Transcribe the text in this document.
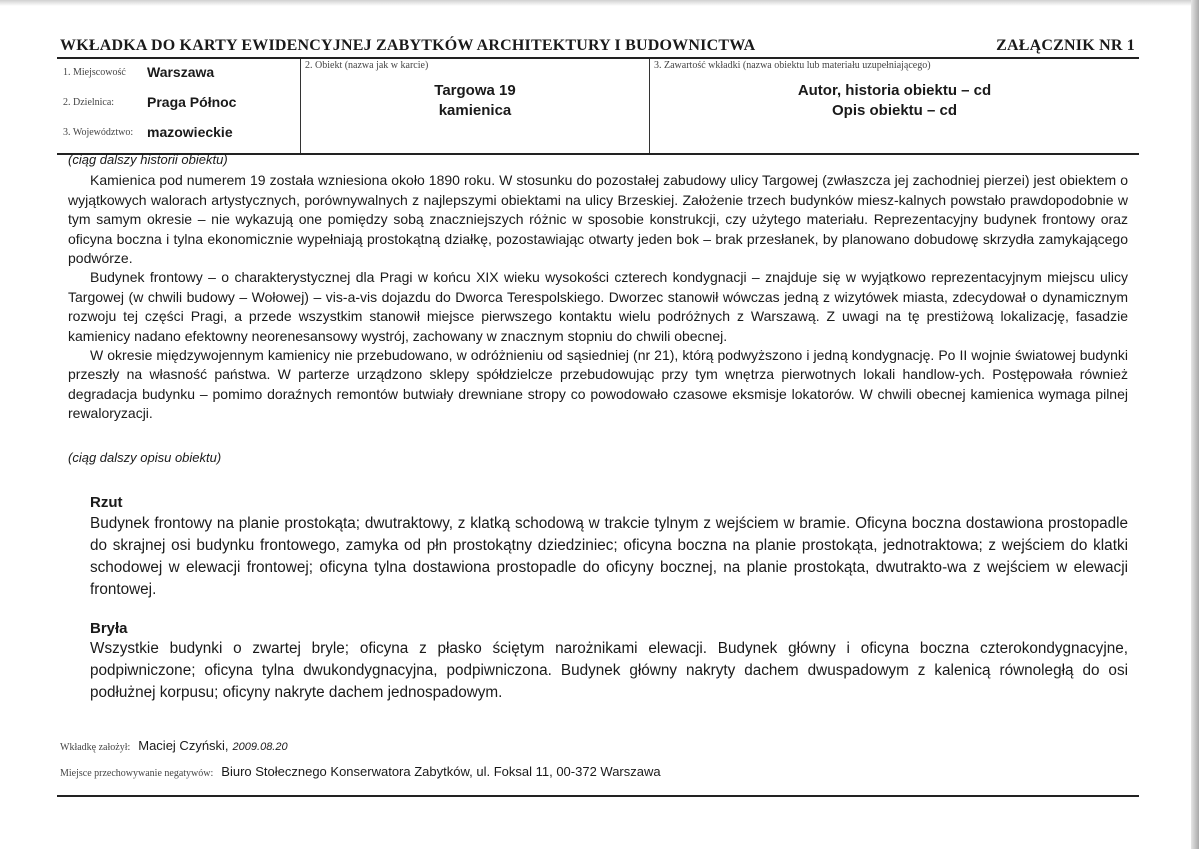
WKŁADKA DO KARTY EWIDENCYJNEJ ZABYTKÓW ARCHITEKTURY I BUDOWNICTWA	ZAŁĄCZNIK NR 1
1. Miejscowość	Warszawa
2. Dzielnica:	Praga Północ
3. Województwo: mazowieckie
2. Obiekt (nazwa jak w karcie)
Targowa 19
kamienica
3. Zawartość wkładki (nazwa obiektu lub materiału uzupełniającego)
Autor, historia obiektu – cd
Opis obiektu – cd
(ciąg dalszy historii obiektu)

Kamienica pod numerem 19 została wzniesiona około 1890 roku. W stosunku do pozostałej zabudowy ulicy Targowej (zwłaszcza jej zachodniej pierzei) jest obiektem o wyjątkowych walorach artystycznych, porównywalnych z najlepszymi obiektami na ulicy Brzeskiej. Założenie trzech budynków miesz-kalnych powstało prawdopodobnie w tym samym okresie – nie wykazują one pomiędzy sobą znaczniejszych różnic w sposobie konstrukcji, czy użytego materiału. Reprezentacyjny budynek frontowy oraz oficyna boczna i tylna ekonomicznie wypełniają prostokątną działkę, pozostawiając otwarty jeden bok – brak przesłanek, by planowano dobudowę skrzydła zamykającego podwórze.

Budynek frontowy – o charakterystycznej dla Pragi w końcu XIX wieku wysokości czterech kondygnacji – znajduje się w wyjątkowo reprezentacyjnym miejscu ulicy Targowej (w chwili budowy – Wołowej) – vis-a-vis dojazdu do Dworca Terespolskiego. Dworzec stanowił wówczas jedną z wizytówek miasta, zdecydował o dynamicznym rozwoju tej części Pragi, a przede wszystkim stanowił miejsce pierwszego kontaktu wielu podróżnych z Warszawą. Z uwagi na tę prestiżową lokalizację, fasadzie kamienicy nadano efektowny neorenesansowy wystrój, zachowany w znacznym stopniu do chwili obecnej.

W okresie międzywojennym kamienicy nie przebudowano, w odróżnieniu od sąsiedniej (nr 21), którą podwyższono i jedną kondygnację. Po II wojnie światowej budynki przeszły na własność państwa. W parterze urządzono sklepy spółdzielcze przebudowując przy tym wnętrza pierwotnych lokali handlow-ych. Postępowała również degradacja budynku – pomimo doraźnych remontów butwiały drewniane stropy co powodowało czasowe eksmisje lokatorów. W chwili obecnej kamienica wymaga pilnej rewaloryzacji.

(ciąg dalszy opisu obiektu)
Rzut
Budynek frontowy na planie prostokąta; dwutraktowy, z klatką schodową w trakcie tylnym z wejściem w bramie. Oficyna boczna dostawiona prostopadle do skrajnej osi budynku frontowego, zamyka od płn prostokątny dziedziniec; oficyna boczna na planie prostokąta, jednotraktowa; z wejściem do klatki schodowej w elewacji frontowej; oficyna tylna dostawiona prostopadle do oficyny bocznej, na planie prostokąta, dwutrakto-wa z wejściem w elewacji frontowej.
Bryła
Wszystkie budynki o zwartej bryle; oficyna z płasko ściętym narożnikami elewacji. Budynek główny i oficyna boczna czterokondygnacyjne, podpiwniczone; oficyna tylna dwukondygnacyjna, podpiwniczona. Budynek główny nakryty dachem dwuspadowym z kalenicą równoległą do osi podłużnej korpusu; oficyny nakryte dachem jednospadowym.
Wkładkę założył: Maciej Czyński, 2009.08.20
Miejsce przechowywanie negatywów: Biuro Stołecznego Konserwatora Zabytków, ul. Foksal 11, 00-372 Warszawa
